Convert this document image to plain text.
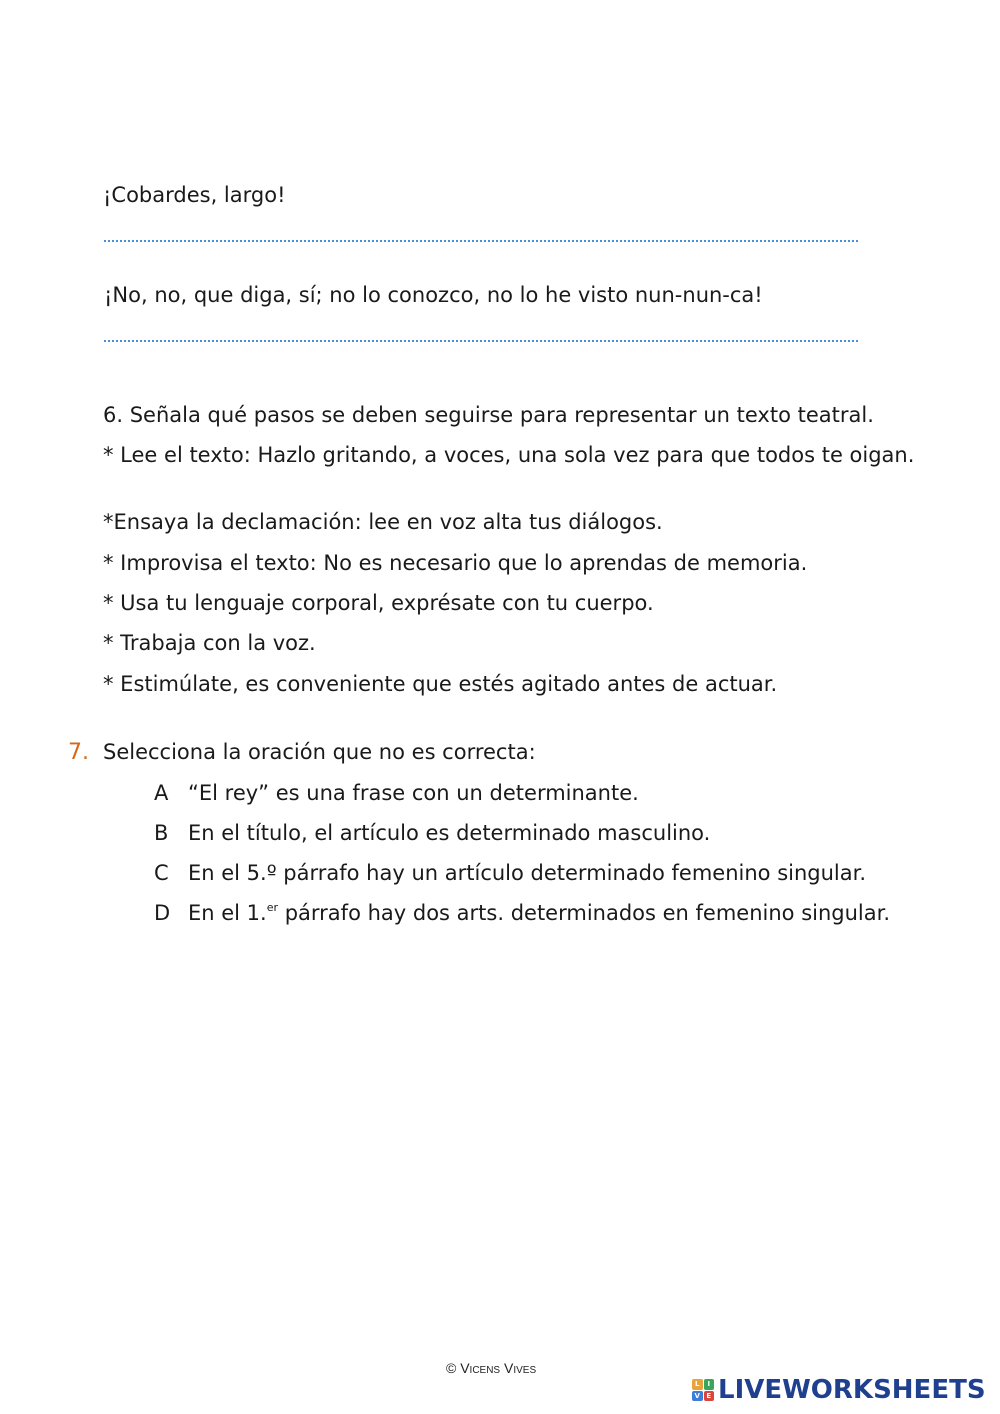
¡Cobardes, largo!
¡No, no, que diga, sí; no lo conozco, no lo he visto nun-nun-ca!
6. Señala qué pasos se deben seguirse para representar un texto teatral.
* Lee el texto: Hazlo gritando, a voces, una sola vez para que todos te oigan.
*Ensaya la declamación: lee en voz alta tus diálogos.
* Improvisa el texto: No es necesario que lo aprendas de memoria.
* Usa tu lenguaje corporal, exprésate con tu cuerpo.
* Trabaja con la voz.
* Estimúlate, es conveniente que estés agitado antes de actuar.
7. Selecciona la oración que no es correcta:
A “El rey” es una frase con un determinante.
B En el título, el artículo es determinado masculino.
C En el 5.º párrafo hay un artículo determinado femenino singular.
D En el 1.$^{er}$ párrafo hay dos arts. determinados en femenino singular.
© Vicens Vives
L	I
V E LIVEWORKSHEETS
